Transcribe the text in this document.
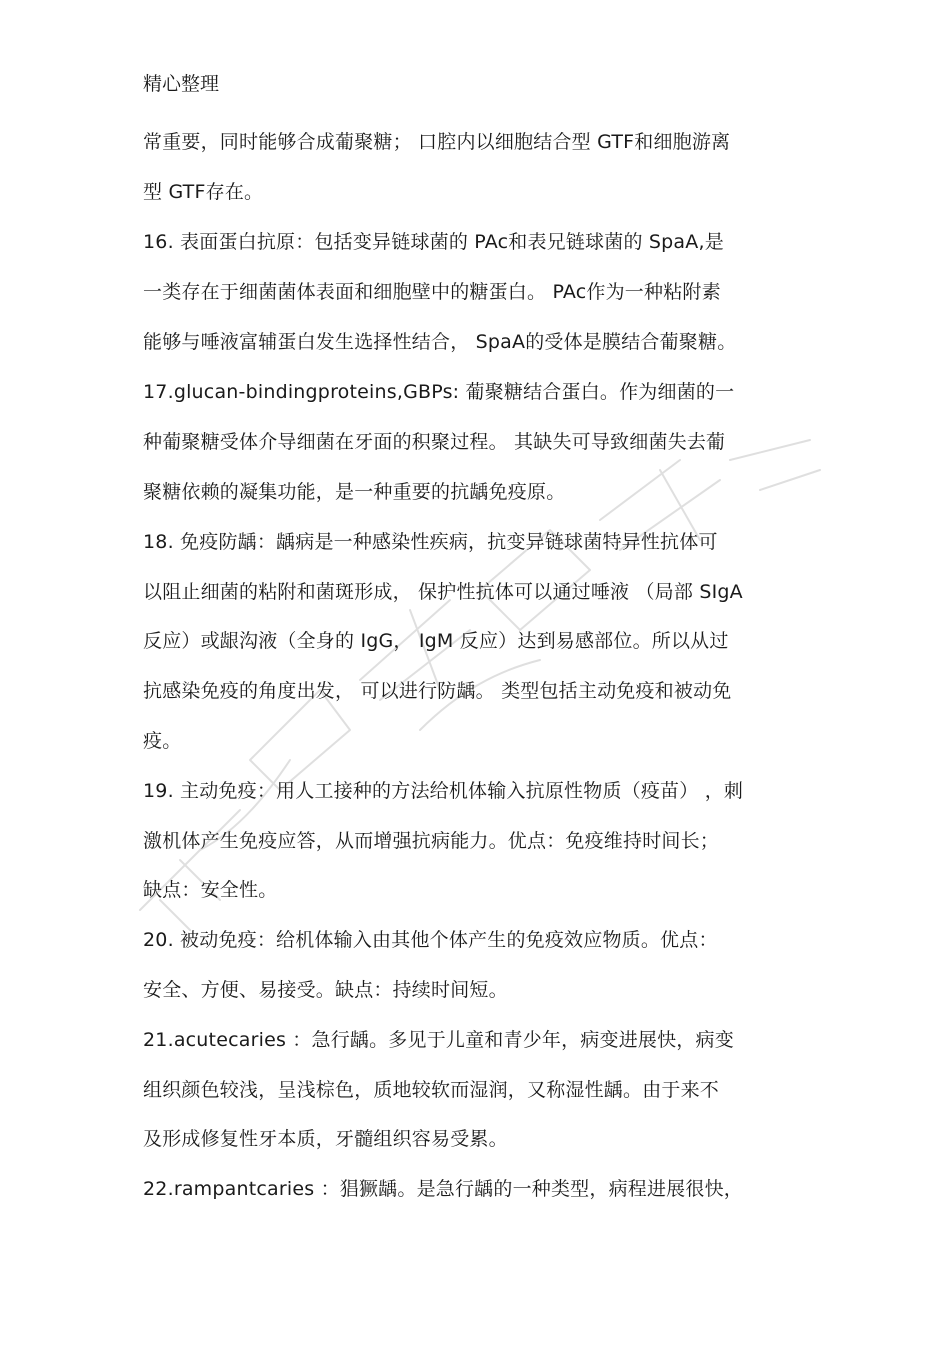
精心整理
常重要，同时能够合成葡聚糖； 口腔内以细胞结合型 GTF和细胞游离
型 GTF存在。
16. 表面蛋白抗原：包括变异链球菌的 PAc和表兄链球菌的 SpaA,是
一类存在于细菌菌体表面和细胞壁中的糖蛋白。 PAc作为一种粘附素
能够与唾液富辅蛋白发生选择性结合， SpaA的受体是膜结合葡聚糖。
17.glucan-bindingproteins,GBPs: 葡聚糖结合蛋白。作为细菌的一
种葡聚糖受体介导细菌在牙面的积聚过程。 其缺失可导致细菌失去葡
聚糖依赖的凝集功能，是一种重要的抗龋免疫原。
18. 免疫防龋：龋病是一种感染性疾病，抗变异链球菌特异性抗体可
以阻止细菌的粘附和菌斑形成， 保护性抗体可以通过唾液 （局部 SIgA
反应）或龈沟液（全身的 IgG， IgM 反应）达到易感部位。所以从过
抗感染免疫的角度出发， 可以进行防龋。 类型包括主动免疫和被动免
疫。
19. 主动免疫：用人工接种的方法给机体输入抗原性物质（疫苗） ，刺
激机体产生免疫应答，从而增强抗病能力。优点：免疫维持时间长；
缺点：安全性。
20. 被动免疫：给机体输入由其他个体产生的免疫效应物质。优点：
安全、方便、易接受。缺点：持续时间短。
21.acutecaries ：急行龋。多见于儿童和青少年，病变进展快，病变
组织颜色较浅，呈浅棕色，质地较软而湿润，又称湿性龋。由于来不
及形成修复性牙本质，牙髓组织容易受累。
22.rampantcaries ：猖獗龋。是急行龋的一种类型，病程进展很快，
